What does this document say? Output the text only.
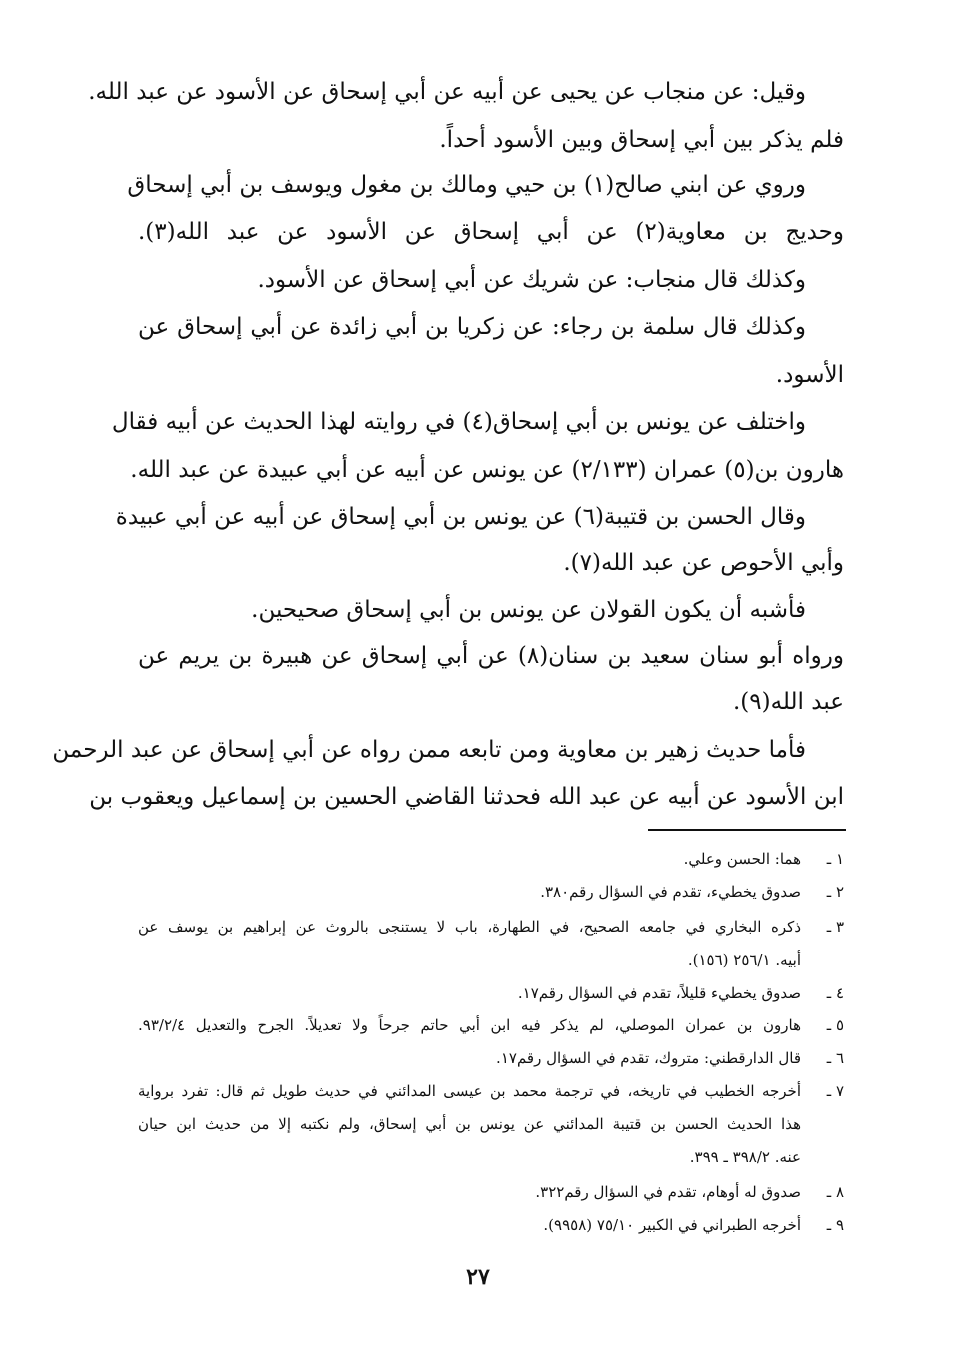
وقيل: عن منجاب عن يحيى عن أبيه عن أبي إسحاق عن الأسود عن عبد الله.
فلم يذكر بين أبي إسحاق وبين الأسود أحداً.
وروي عن ابني صالح(١) بن حيي ومالك بن مغول ويوسف بن أبي إسحاق
وحديج بن معاوية(٢) عن أبي إسحاق عن الأسود عن عبد الله(٣).
وكذلك قال منجاب: عن شريك عن أبي إسحاق عن الأسود.
وكذلك قال سلمة بن رجاء: عن زكريا بن أبي زائدة عن أبي إسحاق عن
الأسود.
واختلف عن يونس بن أبي إسحاق(٤) في روايته لهذا الحديث عن أبيه فقال
هارون بن(٥) عمران (٢/١٣٣) عن يونس عن أبيه عن أبي عبيدة عن عبد الله.
وقال الحسن بن قتيبة(٦) عن يونس بن أبي إسحاق عن أبيه عن أبي عبيدة
وأبي الأحوص عن عبد الله(٧).
فأشبه أن يكون القولان عن يونس بن أبي إسحاق صحيحين.
ورواه أبو سنان سعيد بن سنان(٨) عن أبي إسحاق عن هبيرة بن يريم عن
عبد الله(٩).
فأما حديث زهير بن معاوية ومن تابعه ممن رواه عن أبي إسحاق عن عبد الرحمن
ابن الأسود عن أبيه عن عبد الله فحدثنا القاضي الحسين بن إسماعيل ويعقوب بن
١ ـ
هما: الحسن وعلي.
٢ ـ
صدوق يخطيء، تقدم في السؤال رقم٣٨٠.
٣ ـ
ذكره البخاري في جامعه الصحيح، في الطهارة، باب لا يستنجى بالروث عن إبراهيم بن يوسف عن
أبيه. ٢٥٦/١ (١٥٦).
٤ ـ
صدوق يخطيء قليلاً، تقدم في السؤال رقم١٧.
٥ ـ
هارون بن عمران الموصلي، لم يذكر فيه ابن أبي حاتم جرحاً ولا تعديلاً. الجرح والتعديل ٩٣/٢/٤.
٦ ـ
قال الدارقطني: متروك، تقدم في السؤال رقم١٧.
٧ ـ
أخرجه الخطيب في تاريخه، في ترجمة محمد بن عيسى المدائني في حديث طويل ثم قال: تفرد برواية
هذا الحديث الحسن بن قتيبة المدائني عن يونس بن أبي إسحاق، ولم نكتبه إلا من حديث ابن حيان
عنه. ٣٩٨/٢ ـ ٣٩٩.
٨ ـ
صدوق له أوهام، تقدم في السؤال رقم٣٢٢.
٩ ـ
أخرجه الطبراني في الكبير ٧٥/١٠ (٩٩٥٨).
٢٧
